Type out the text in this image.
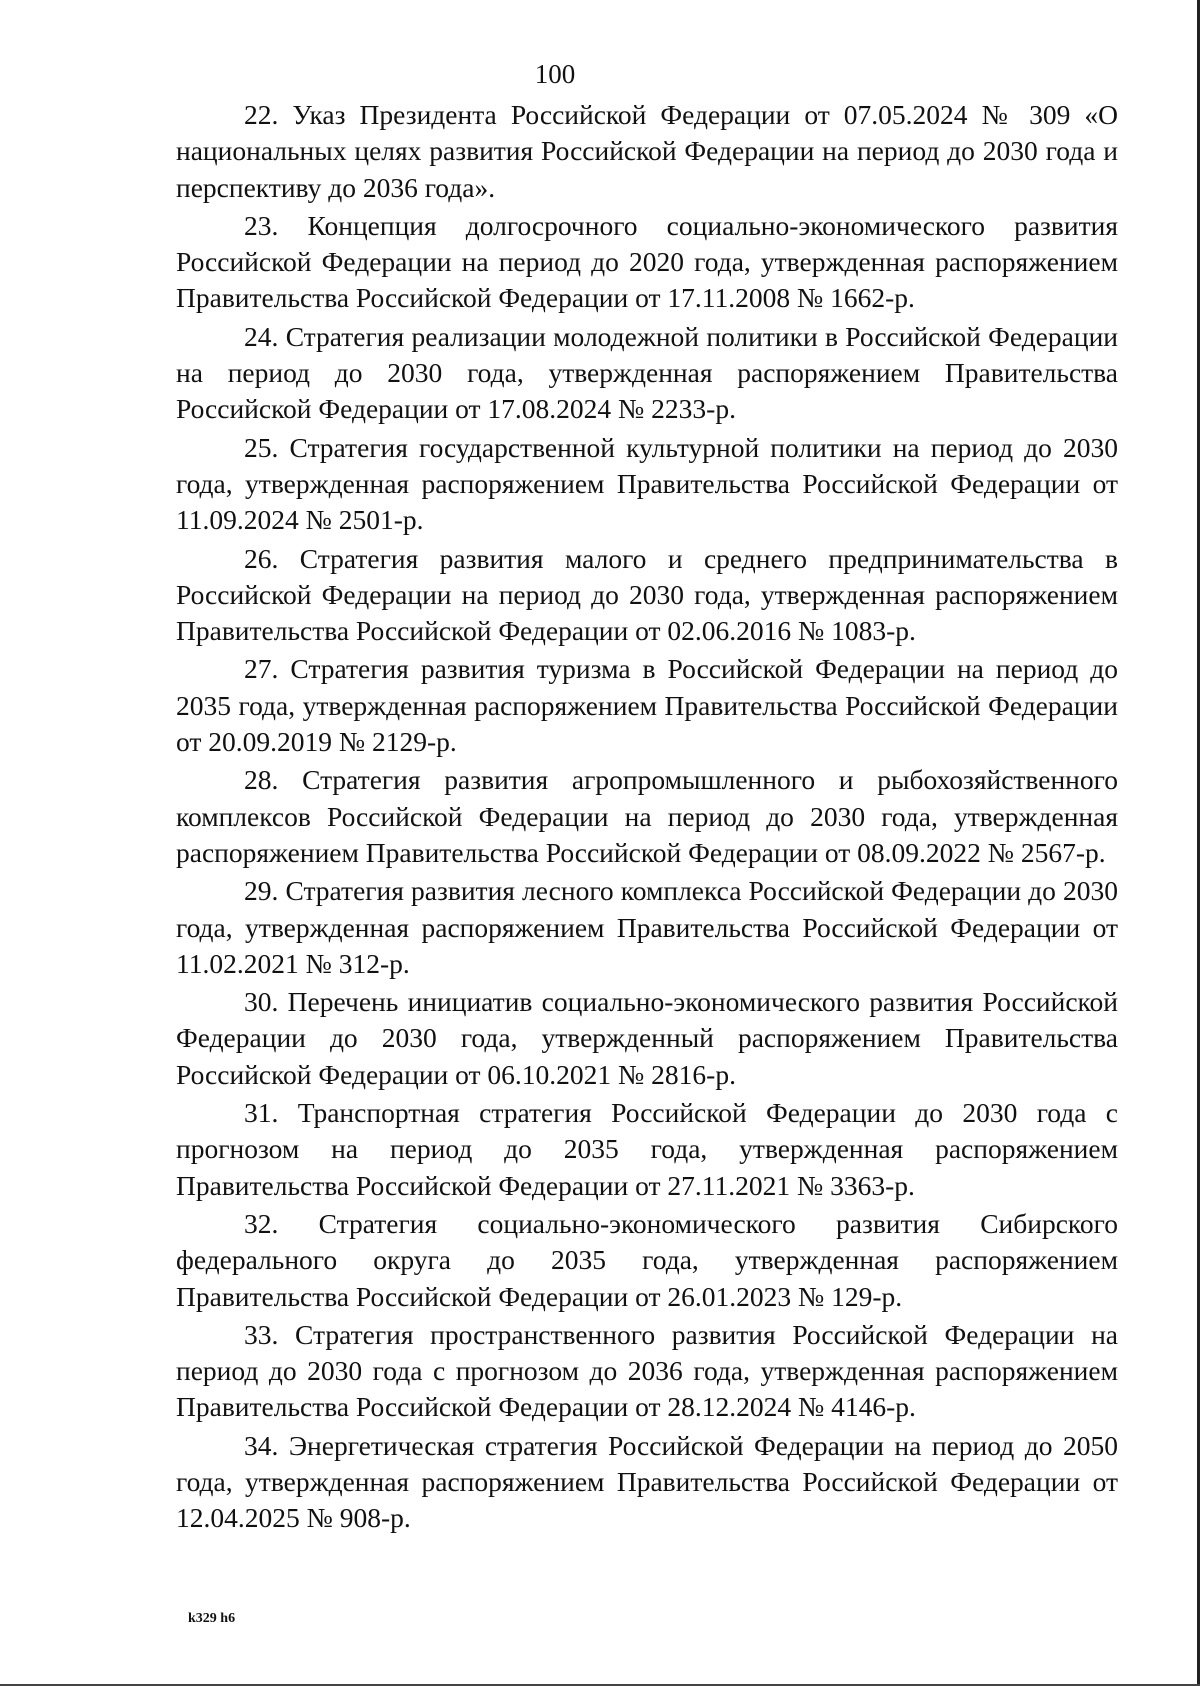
100

22. Указ Президента Российской Федерации от 07.05.2024 № 309 «О национальных целях развития Российской Федерации на период до 2030 года и перспективу до 2036 года».

23. Концепция долгосрочного социально-экономического развития Российской Федерации на период до 2020 года, утвержденная распоряжением Правительства Российской Федерации от 17.11.2008 № 1662-р.

24. Стратегия реализации молодежной политики в Российской Федерации на период до 2030 года, утвержденная распоряжением Правительства Российской Федерации от 17.08.2024 № 2233-р.

25. Стратегия государственной культурной политики на период до 2030 года, утвержденная распоряжением Правительства Российской Федерации от 11.09.2024 № 2501-р.

26. Стратегия развития малого и среднего предпринимательства в Российской Федерации на период до 2030 года, утвержденная распоряжением Правительства Российской Федерации от 02.06.2016 № 1083-р.

27. Стратегия развития туризма в Российской Федерации на период до 2035 года, утвержденная распоряжением Правительства Российской Федерации от 20.09.2019 № 2129-р.

28. Стратегия развития агропромышленного и рыбохозяйственного комплексов Российской Федерации на период до 2030 года, утвержденная распоряжением Правительства Российской Федерации от 08.09.2022 № 2567-р.

29. Стратегия развития лесного комплекса Российской Федерации до 2030 года, утвержденная распоряжением Правительства Российской Федерации от 11.02.2021 № 312-р.

30. Перечень инициатив социально-экономического развития Российской Федерации до 2030 года, утвержденный распоряжением Правительства Российской Федерации от 06.10.2021 № 2816-р.

31. Транспортная стратегия Российской Федерации до 2030 года с прогнозом на период до 2035 года, утвержденная распоряжением Правительства Российской Федерации от 27.11.2021 № 3363-р.

32. Стратегия социально-экономического развития Сибирского федерального округа до 2035 года, утвержденная распоряжением Правительства Российской Федерации от 26.01.2023 № 129-р.

33. Стратегия пространственного развития Российской Федерации на период до 2030 года с прогнозом до 2036 года, утвержденная распоряжением Правительства Российской Федерации от 28.12.2024 № 4146-р.

34. Энергетическая стратегия Российской Федерации на период до 2050 года, утвержденная распоряжением Правительства Российской Федерации от 12.04.2025 № 908-р.

k329 h6
